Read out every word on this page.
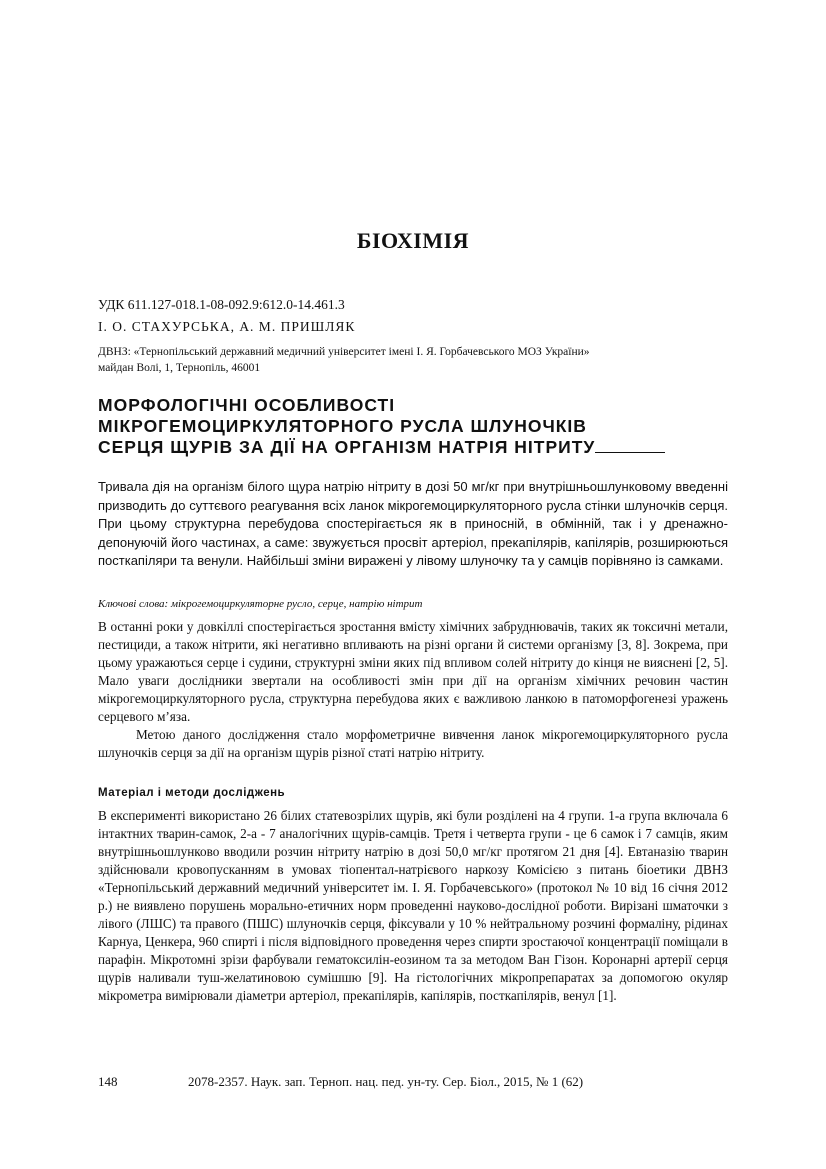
БІОХІМІЯ
УДК 611.127-018.1-08-092.9:612.0-14.461.3
І. О. СТАХУРСЬКА, А. М. ПРИШЛЯК
ДВНЗ: «Тернопільський державний медичний університет імені І. Я. Горбачевського МОЗ України»
майдан Волі, 1, Тернопіль, 46001
МОРФОЛОГІЧНІ ОСОБЛИВОСТІ
МІКРОГЕМОЦИРКУЛЯТОРНОГО РУСЛА ШЛУНОЧКІВ
СЕРЦЯ ЩУРІВ ЗА ДІЇ НА ОРГАНІЗМ НАТРІЯ НІТРИТУ
Тривала дія на організм білого щура натрію нітриту в дозі 50 мг/кг при внутрішньошлунковому введенні призводить до суттєвого реагування всіх ланок мікрогемоциркуляторного русла стінки шлуночків серця. При цьому структурна перебудова спостерігається як в приносній, в обмінній, так і у дренажно-депонуючій його частинах, а саме: звужується просвіт артеріол, прекапілярів, капілярів, розширюються посткапіляри та венули. Найбільші зміни виражені у лівому шлуночку та у самців порівняно із самками.
Ключові слова: мікрогемоциркуляторне русло, серце, натрію нітрит

В останні роки у довкіллі спостерігається зростання вмісту хімічних забруднювачів, таких як токсичні метали, пестициди, а також нітрити, які негативно впливають на різні органи й системи організму [3, 8]. Зокрема, при цьому уражаються серце і судини, структурні зміни яких під впливом солей нітриту до кінця не вияснені [2, 5]. Мало уваги дослідники звертали на особливості змін при дії на організм хімічних речовин частин мікрогемоциркуляторного русла, структурна перебудова яких є важливою ланкою в патоморфогенезі уражень серцевого м’яза.

Метою даного дослідження стало морфометричне вивчення ланок мікрогемоциркуляторного русла шлуночків серця за дії на організм щурів різної статі натрію нітриту.

Матеріал і методи досліджень
В експерименті використано 26 білих статевозрілих щурів, які були розділені на 4 групи. 1-а група включала 6 інтактних тварин-самок, 2-а - 7 аналогічних щурів-самців. Третя і четверта групи - це 6 самок і 7 самців, яким внутрішньошлунково вводили розчин нітриту натрію в дозі 50,0 мг/кг протягом 21 дня [4]. Евтаназію тварин здійснювали кровопусканням в умовах тіопентал-натрієвого наркозу Комісією з питань біоетики ДВНЗ «Тернопільський державний медичний університет ім. І. Я. Горбачевського» (протокол № 10 від 16 січня 2012 р.) не виявлено порушень морально-етичних норм проведенні науково-дослідної роботи. Вирізані шматочки з лівого (ЛШС) та правого (ПШС) шлуночків серця, фіксували у 10 % нейтральному розчині формаліну, рідинах Карнуа, Ценкера, 960 спирті і після відповідного проведення через спирти зростаючої концентрації поміщали в парафін. Мікротомні зрізи фарбували гематоксилін-еозином та за методом Ван Гізон. Коронарні артерії серця щурів наливали туш-желатиновою сумішшю [9]. На гістологічних мікропрепаратах за допомогою окуляр мікрометра вимірювали діаметри артеріол, прекапілярів, капілярів, посткапілярів, венул [1].
148	2078-2357. Наук. зап. Терноп. нац. пед. ун-ту. Сер. Біол., 2015, № 1 (62)
